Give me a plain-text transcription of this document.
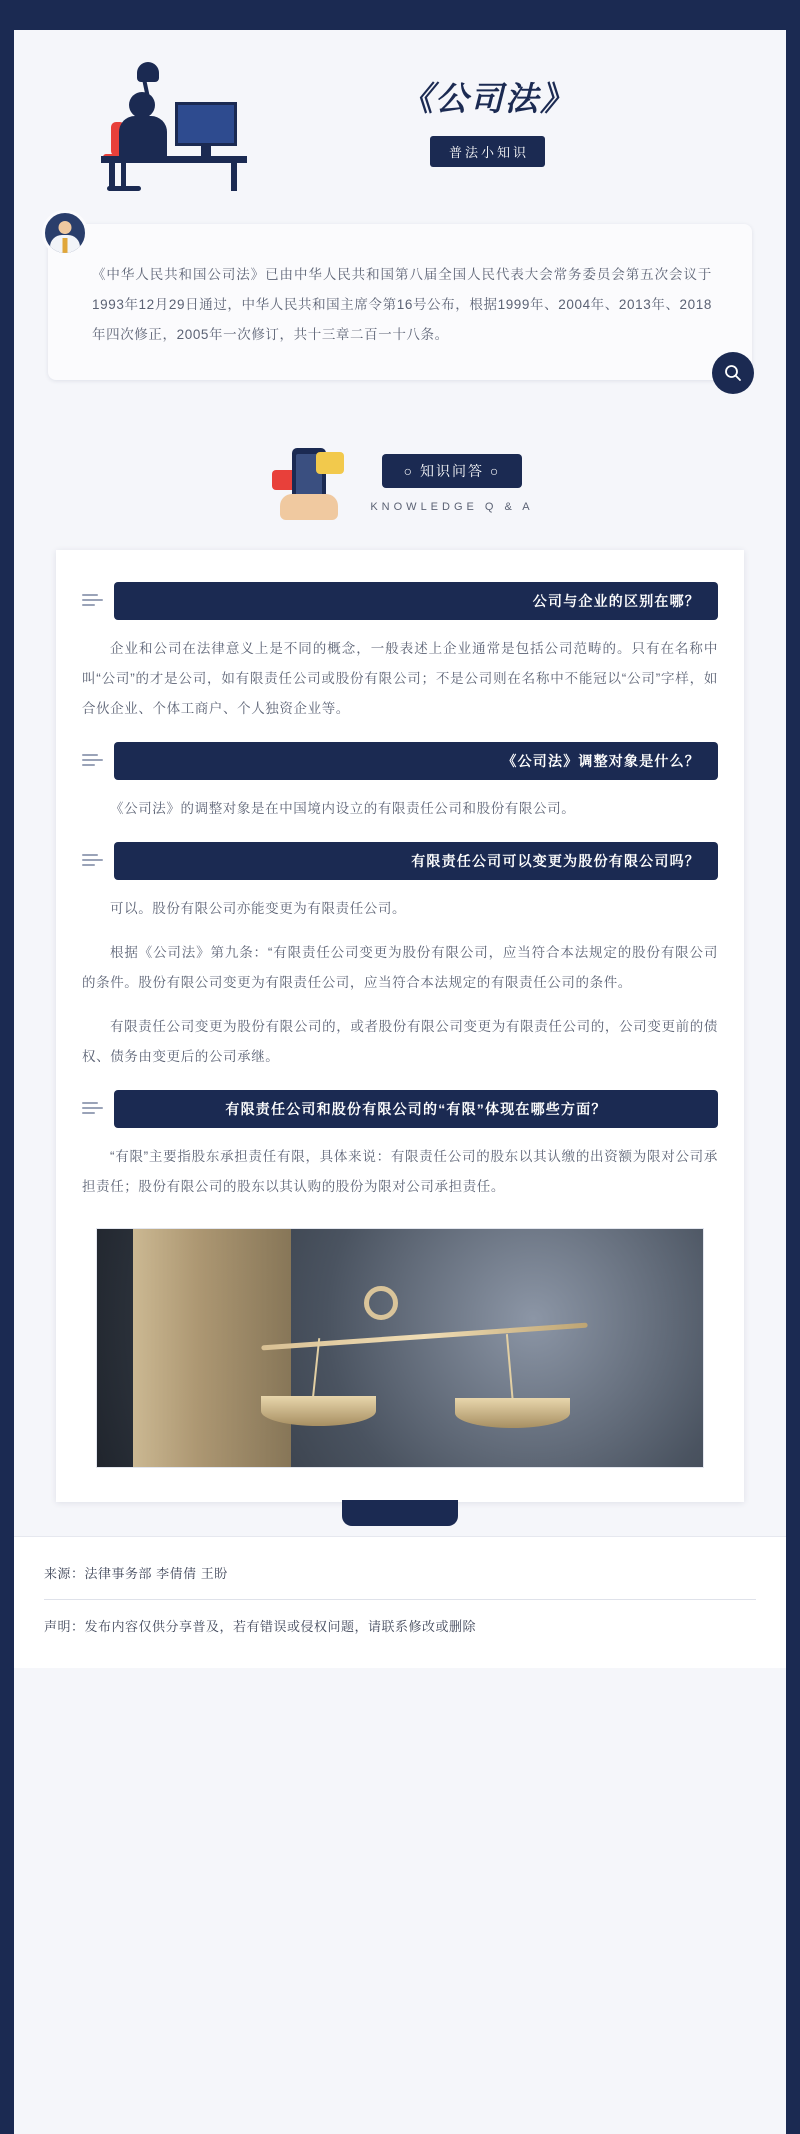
《公司法》
普法小知识
《中华人民共和国公司法》已由中华人民共和国第八届全国人民代表大会常务委员会第五次会议于1993年12月29日通过，中华人民共和国主席令第16号公布，根据1999年、2004年、2013年、2018年四次修正，2005年一次修订，共十三章二百一十八条。
○ 知识问答 ○
KNOWLEDGE Q & A
公司与企业的区别在哪？

企业和公司在法律意义上是不同的概念，一般表述上企业通常是包括公司范畴的。只有在名称中叫“公司”的才是公司，如有限责任公司或股份有限公司；不是公司则在名称中不能冠以“公司”字样，如合伙企业、个体工商户、个人独资企业等。

《公司法》调整对象是什么？

《公司法》的调整对象是在中国境内设立的有限责任公司和股份有限公司。

有限责任公司可以变更为股份有限公司吗？

可以。股份有限公司亦能变更为有限责任公司。

根据《公司法》第九条：“有限责任公司变更为股份有限公司，应当符合本法规定的股份有限公司的条件。股份有限公司变更为有限责任公司，应当符合本法规定的有限责任公司的条件。

有限责任公司变更为股份有限公司的，或者股份有限公司变更为有限责任公司的，公司变更前的债权、债务由变更后的公司承继。

有限责任公司和股份有限公司的“有限”体现在哪些方面？

“有限”主要指股东承担责任有限，具体来说：有限责任公司的股东以其认缴的出资额为限对公司承担责任；股份有限公司的股东以其认购的股份为限对公司承担责任。

来源：法律事务部 李倩倩 王盼
声明：发布内容仅供分享普及，若有错误或侵权问题，请联系修改或删除
